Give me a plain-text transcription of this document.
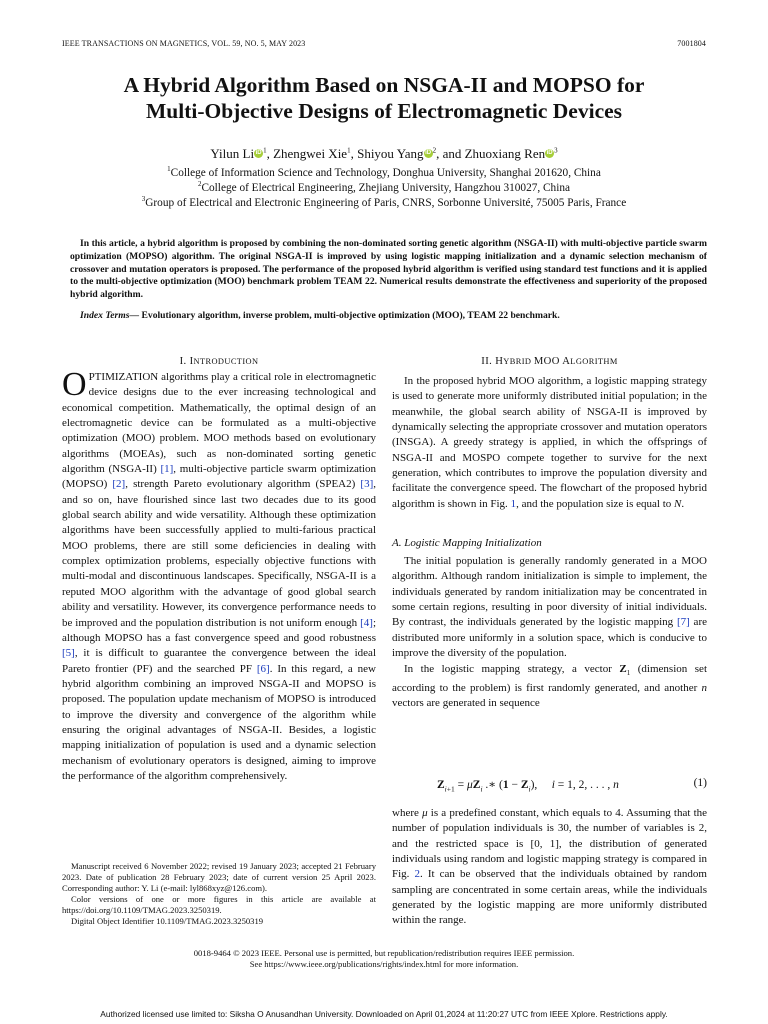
IEEE TRANSACTIONS ON MAGNETICS, VOL. 59, NO. 5, MAY 2023	7001804
A Hybrid Algorithm Based on NSGA-II and MOPSO for
Multi-Objective Designs of Electromagnetic Devices
Yilun Li iD $^1$, Zhengwei Xie$^1$, Shiyou Yang iD $^2$, and Zhuoxiang Ren iD $^3$
$^1$College of Information Science and Technology, Donghua University, Shanghai 201620, China
$^2$College of Electrical Engineering, Zhejiang University, Hangzhou 310027, China
$^3$Group of Electrical and Electronic Engineering of Paris, CNRS, Sorbonne Université, 75005 Paris, France

In this article, a hybrid algorithm is proposed by combining the non-dominated sorting genetic algorithm (NSGA-II) with multi-objective particle swarm optimization (MOPSO) algorithm. The original NSGA-II is improved by using logistic mapping initialization and a dynamic selection mechanism of crossover and mutation operators is proposed. The performance of the proposed hybrid algorithm is verified using standard test functions and it is applied to the multi-objective optimization (MOO) benchmark problem TEAM 22. Numerical results demonstrate the effectiveness and superiority of the proposed hybrid algorithm.

Index Terms— Evolutionary algorithm, inverse problem, multi-objective optimization (MOO), TEAM 22 benchmark.
I. INTRODUCTION
OPTIMIZATION algorithms play a critical role in electromagnetic device designs due to the ever increasing technological and economical competition. Mathematically, the optimal design of an electromagnetic device can be formulated as a multi-objective optimization (MOO) problem. MOO methods based on evolutionary algorithms (MOEAs), such as non-dominated sorting genetic algorithm (NSGA-II) [1], multi-objective particle swarm optimization (MOPSO) [2], strength Pareto evolutionary algorithm (SPEA2) [3], and so on, have flourished since last two decades due to its good global search ability and wide versatility. Although these optimization algorithms have been successfully applied to multi-farious practical MOO problems, there are still some deficiencies in dealing with complex optimization problems, especially objective functions with multi-modal and discontinuous landscapes. Specifically, NSGA-II is a reputed MOO algorithm with the advantage of good global search ability and versatility. However, its convergence performance needs to be improved and the population distribution is not uniform enough [4]; although MOPSO has a fast convergence speed and good robustness [5], it is difficult to guarantee the convergence between the ideal Pareto frontier (PF) and the searched PF [6]. In this regard, a new hybrid algorithm combining an improved NSGA-II and MOPSO is proposed. The population update mechanism of MOPSO is introduced to improve the diversity and convergence of the algorithm while ensuring the original advantages of NSGA-II. Besides, a logistic mapping initialization of population is used and a dynamic selection mechanism of evolutionary operators is designed, aiming to improve the performance of the algorithm comprehensively.

Manuscript received 6 November 2022; revised 19 January 2023; accepted 21 February 2023. Date of publication 28 February 2023; date of current version 25 April 2023. Corresponding author: Y. Li (e-mail: lyl868xyz@126.com).

Color versions of one or more figures in this article are available at https://doi.org/10.1109/TMAG.2023.3250319.

Digital Object Identifier 10.1109/TMAG.2023.3250319

II. HYBRID MOO ALGORITHM

In the proposed hybrid MOO algorithm, a logistic mapping strategy is used to generate more uniformly distributed initial population; in the meanwhile, the global search ability of NSGA-II is improved by dynamically selecting the appropriate crossover and mutation operators (INSGA). A greedy strategy is applied, in which the offsprings of NSGA-II and MOSPO compete together to survive for the next generation, which contributes to improve the population diversity and facilitate the convergence speed. The flowchart of the proposed hybrid algorithm is shown in Fig. 1, and the population size is equal to N.

A. Logistic Mapping Initialization

The initial population is generally randomly generated in a MOO algorithm. Although random initialization is simple to implement, the individuals generated by random initialization may be concentrated in some certain regions, resulting in poor diversity of initial individuals. By contrast, the individuals generated by the logistic mapping [7] are distributed more uniformly in a solution space, which is conducive to improve the diversity of the population.

In the logistic mapping strategy, a vector $Z_1$ (dimension set according to the problem) is first randomly generated, and another n vectors are generated in sequence

$Z_{i+1} = \mu Z_i$ .∗ $(1 - Z_i)$,     i = 1, 2, . . . , n	(1)
where μ is a predefined constant, which equals to 4. Assuming that the number of population individuals is 30, the number of variables is 2, and the restricted space is [0, 1], the distribution of generated individuals using random and logistic mapping strategy is compared in Fig. 2. It can be observed that the individuals obtained by random sampling are concentrated in some certain areas, while the individuals generated by the logistic mapping are more uniformly distributed within the range.
0018-9464 © 2023 IEEE. Personal use is permitted, but republication/redistribution requires IEEE permission.
See https://www.ieee.org/publications/rights/index.html for more information.
Authorized licensed use limited to: Siksha O Anusandhan University. Downloaded on April 01,2024 at 11:20:27 UTC from IEEE Xplore. Restrictions apply.
